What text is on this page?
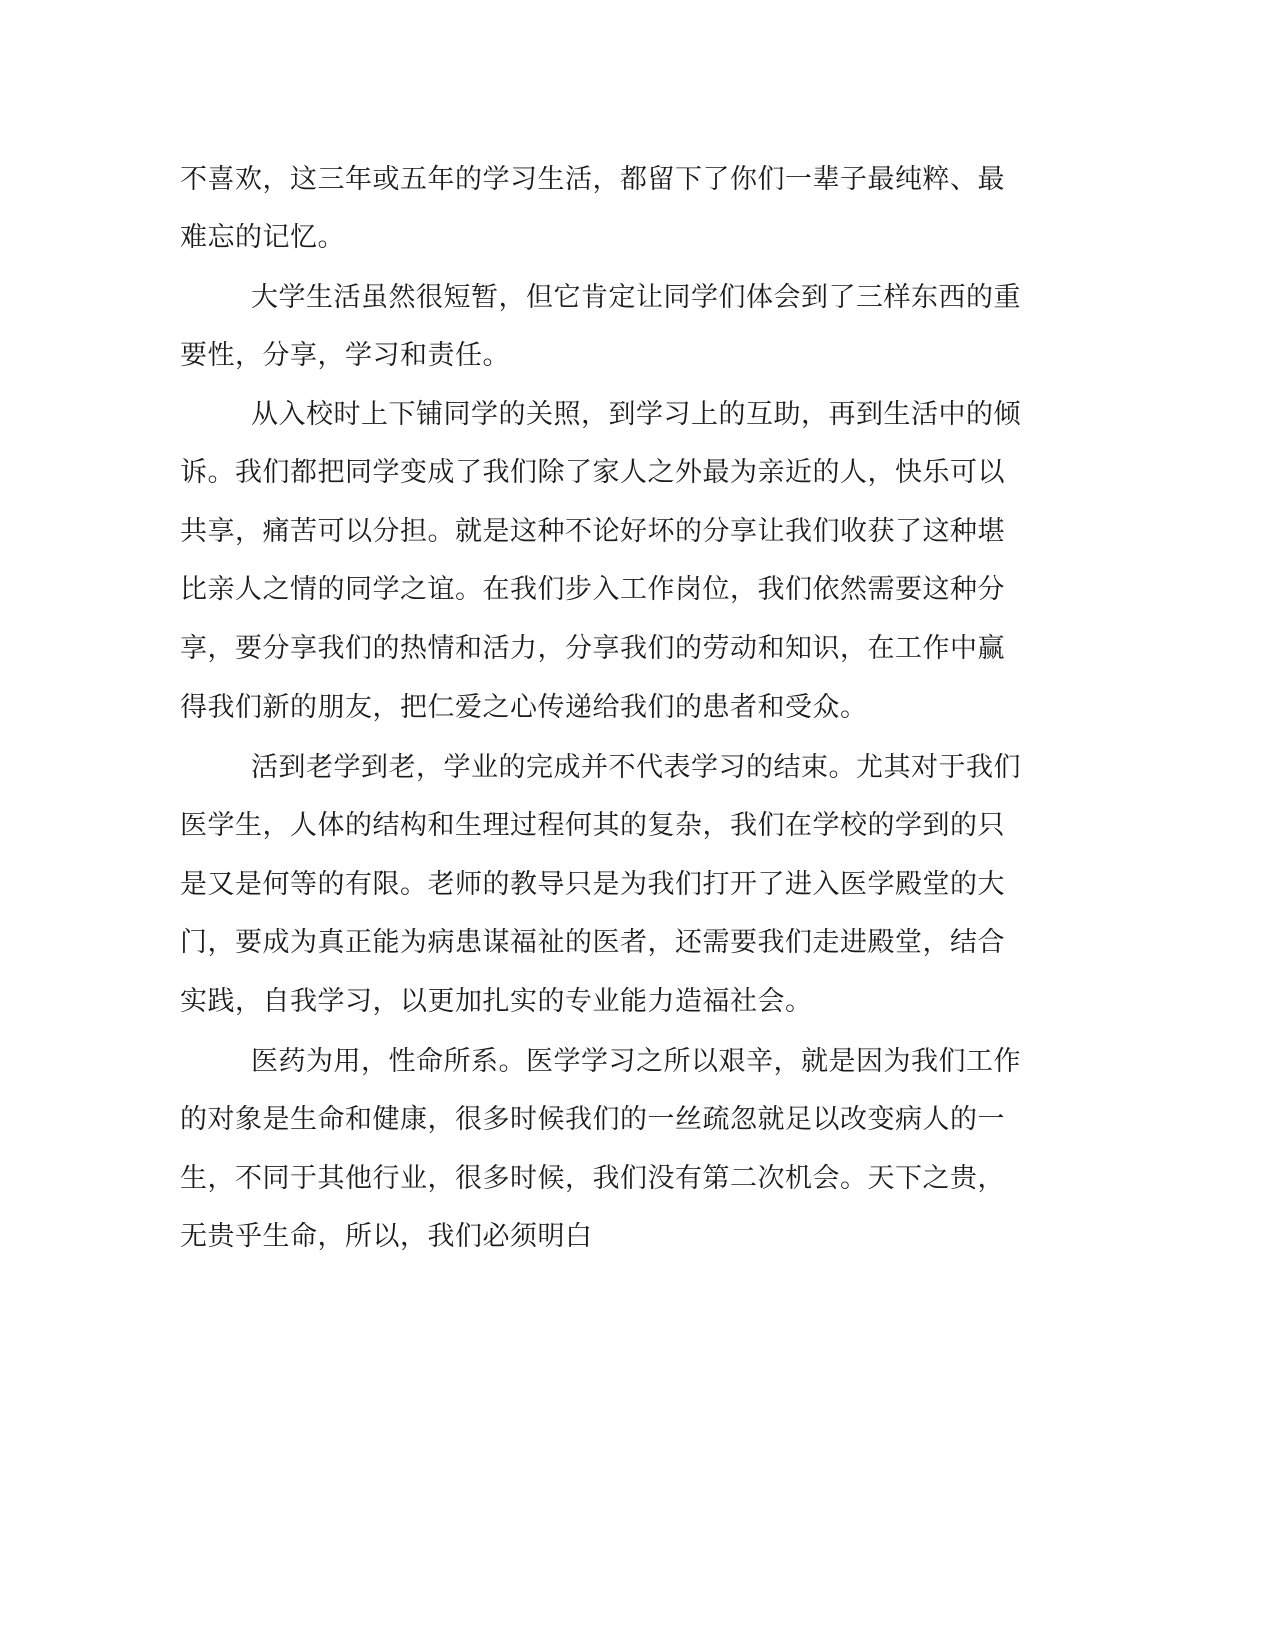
不喜欢，这三年或五年的学习生活，都留下了你们一辈子最纯粹、最
难忘的记忆。
大学生活虽然很短暂，但它肯定让同学们体会到了三样东西的重
要性，分享，学习和责任。
从入校时上下铺同学的关照，到学习上的互助，再到生活中的倾
诉。我们都把同学变成了我们除了家人之外最为亲近的人，快乐可以
共享，痛苦可以分担。就是这种不论好坏的分享让我们收获了这种堪
比亲人之情的同学之谊。在我们步入工作岗位，我们依然需要这种分
享，要分享我们的热情和活力，分享我们的劳动和知识，在工作中赢
得我们新的朋友，把仁爱之心传递给我们的患者和受众。
活到老学到老，学业的完成并不代表学习的结束。尤其对于我们
医学生，人体的结构和生理过程何其的复杂，我们在学校的学到的只
是又是何等的有限。老师的教导只是为我们打开了进入医学殿堂的大
门，要成为真正能为病患谋福祉的医者，还需要我们走进殿堂，结合
实践，自我学习，以更加扎实的专业能力造福社会。
医药为用，性命所系。医学学习之所以艰辛，就是因为我们工作
的对象是生命和健康，很多时候我们的一丝疏忽就足以改变病人的一
生，不同于其他行业，很多时候，我们没有第二次机会。天下之贵，
无贵乎生命，所以，我们必须明白
